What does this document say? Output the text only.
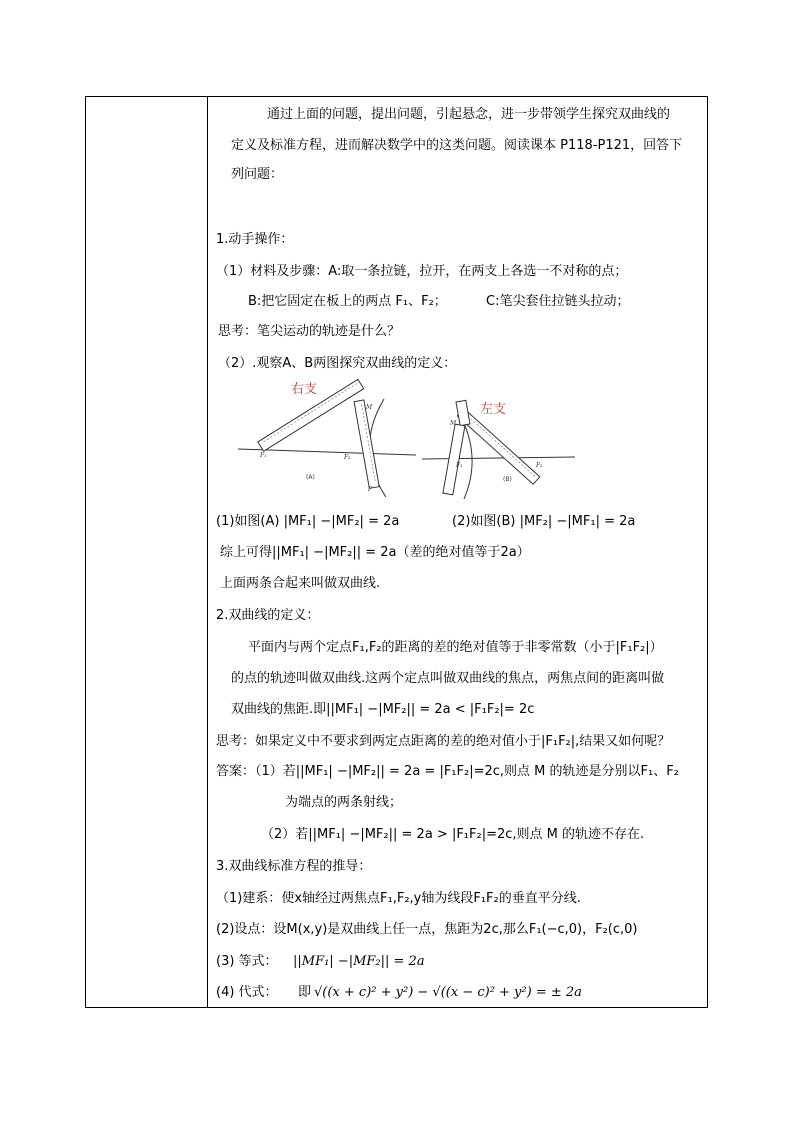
通过上面的问题，提出问题，引起悬念，进一步带领学生探究双曲线的
定义及标准方程，进而解决数学中的这类问题。阅读课本 P118-P121，回答下
列问题：
1.动手操作：
（1）材料及步骤：A:取一条拉链，拉开，在两支上各选一不对称的点；
B:把它固定在板上的两点 F₁、F₂；	C:笔尖套住拉链头拉动；
思考：笔尖运动的轨迹是什么？
（2）.观察A、B两图探究双曲线的定义：
右支
M
F₁	F₂
F
(A)
左支
M
F₁	F₂
(B)
(1)如图(A) |MF₁| −|MF₂| = 2a	(2)如图(B) |MF₂| −|MF₁| = 2a
综上可得||MF₁| −|MF₂|| = 2a（差的绝对值等于2a）
上面两条合起来叫做双曲线.
2.双曲线的定义：
平面内与两个定点F₁,F₂的距离的差的绝对值等于非零常数（小于|F₁F₂|）
的点的轨迹叫做双曲线.这两个定点叫做双曲线的焦点，两焦点间的距离叫做
双曲线的焦距.即||MF₁| −|MF₂|| = 2a < |F₁F₂|= 2c
思考：如果定义中不要求到两定点距离的差的绝对值小于|F₁F₂|,结果又如何呢？
答案：（1）若||MF₁| −|MF₂|| = 2a = |F₁F₂|=2c,则点 M 的轨迹是分别以F₁、F₂
为端点的两条射线；
（2）若||MF₁| −|MF₂|| = 2a > |F₁F₂|=2c,则点 M 的轨迹不存在.
3.双曲线标准方程的推导：
（1)建系：使x轴经过两焦点F₁,F₂,y轴为线段F₁F₂的垂直平分线.
(2)设点：设M(x,y)是双曲线上任一点，焦距为2c,那么F₁(−c,0)，F₂(c,0)
(3) 等式： ||MF₁| −|MF₂|| = 2a
(4) 代式： 即 √((x + c)² + y²) − √((x − c)² + y²) = ± 2a
